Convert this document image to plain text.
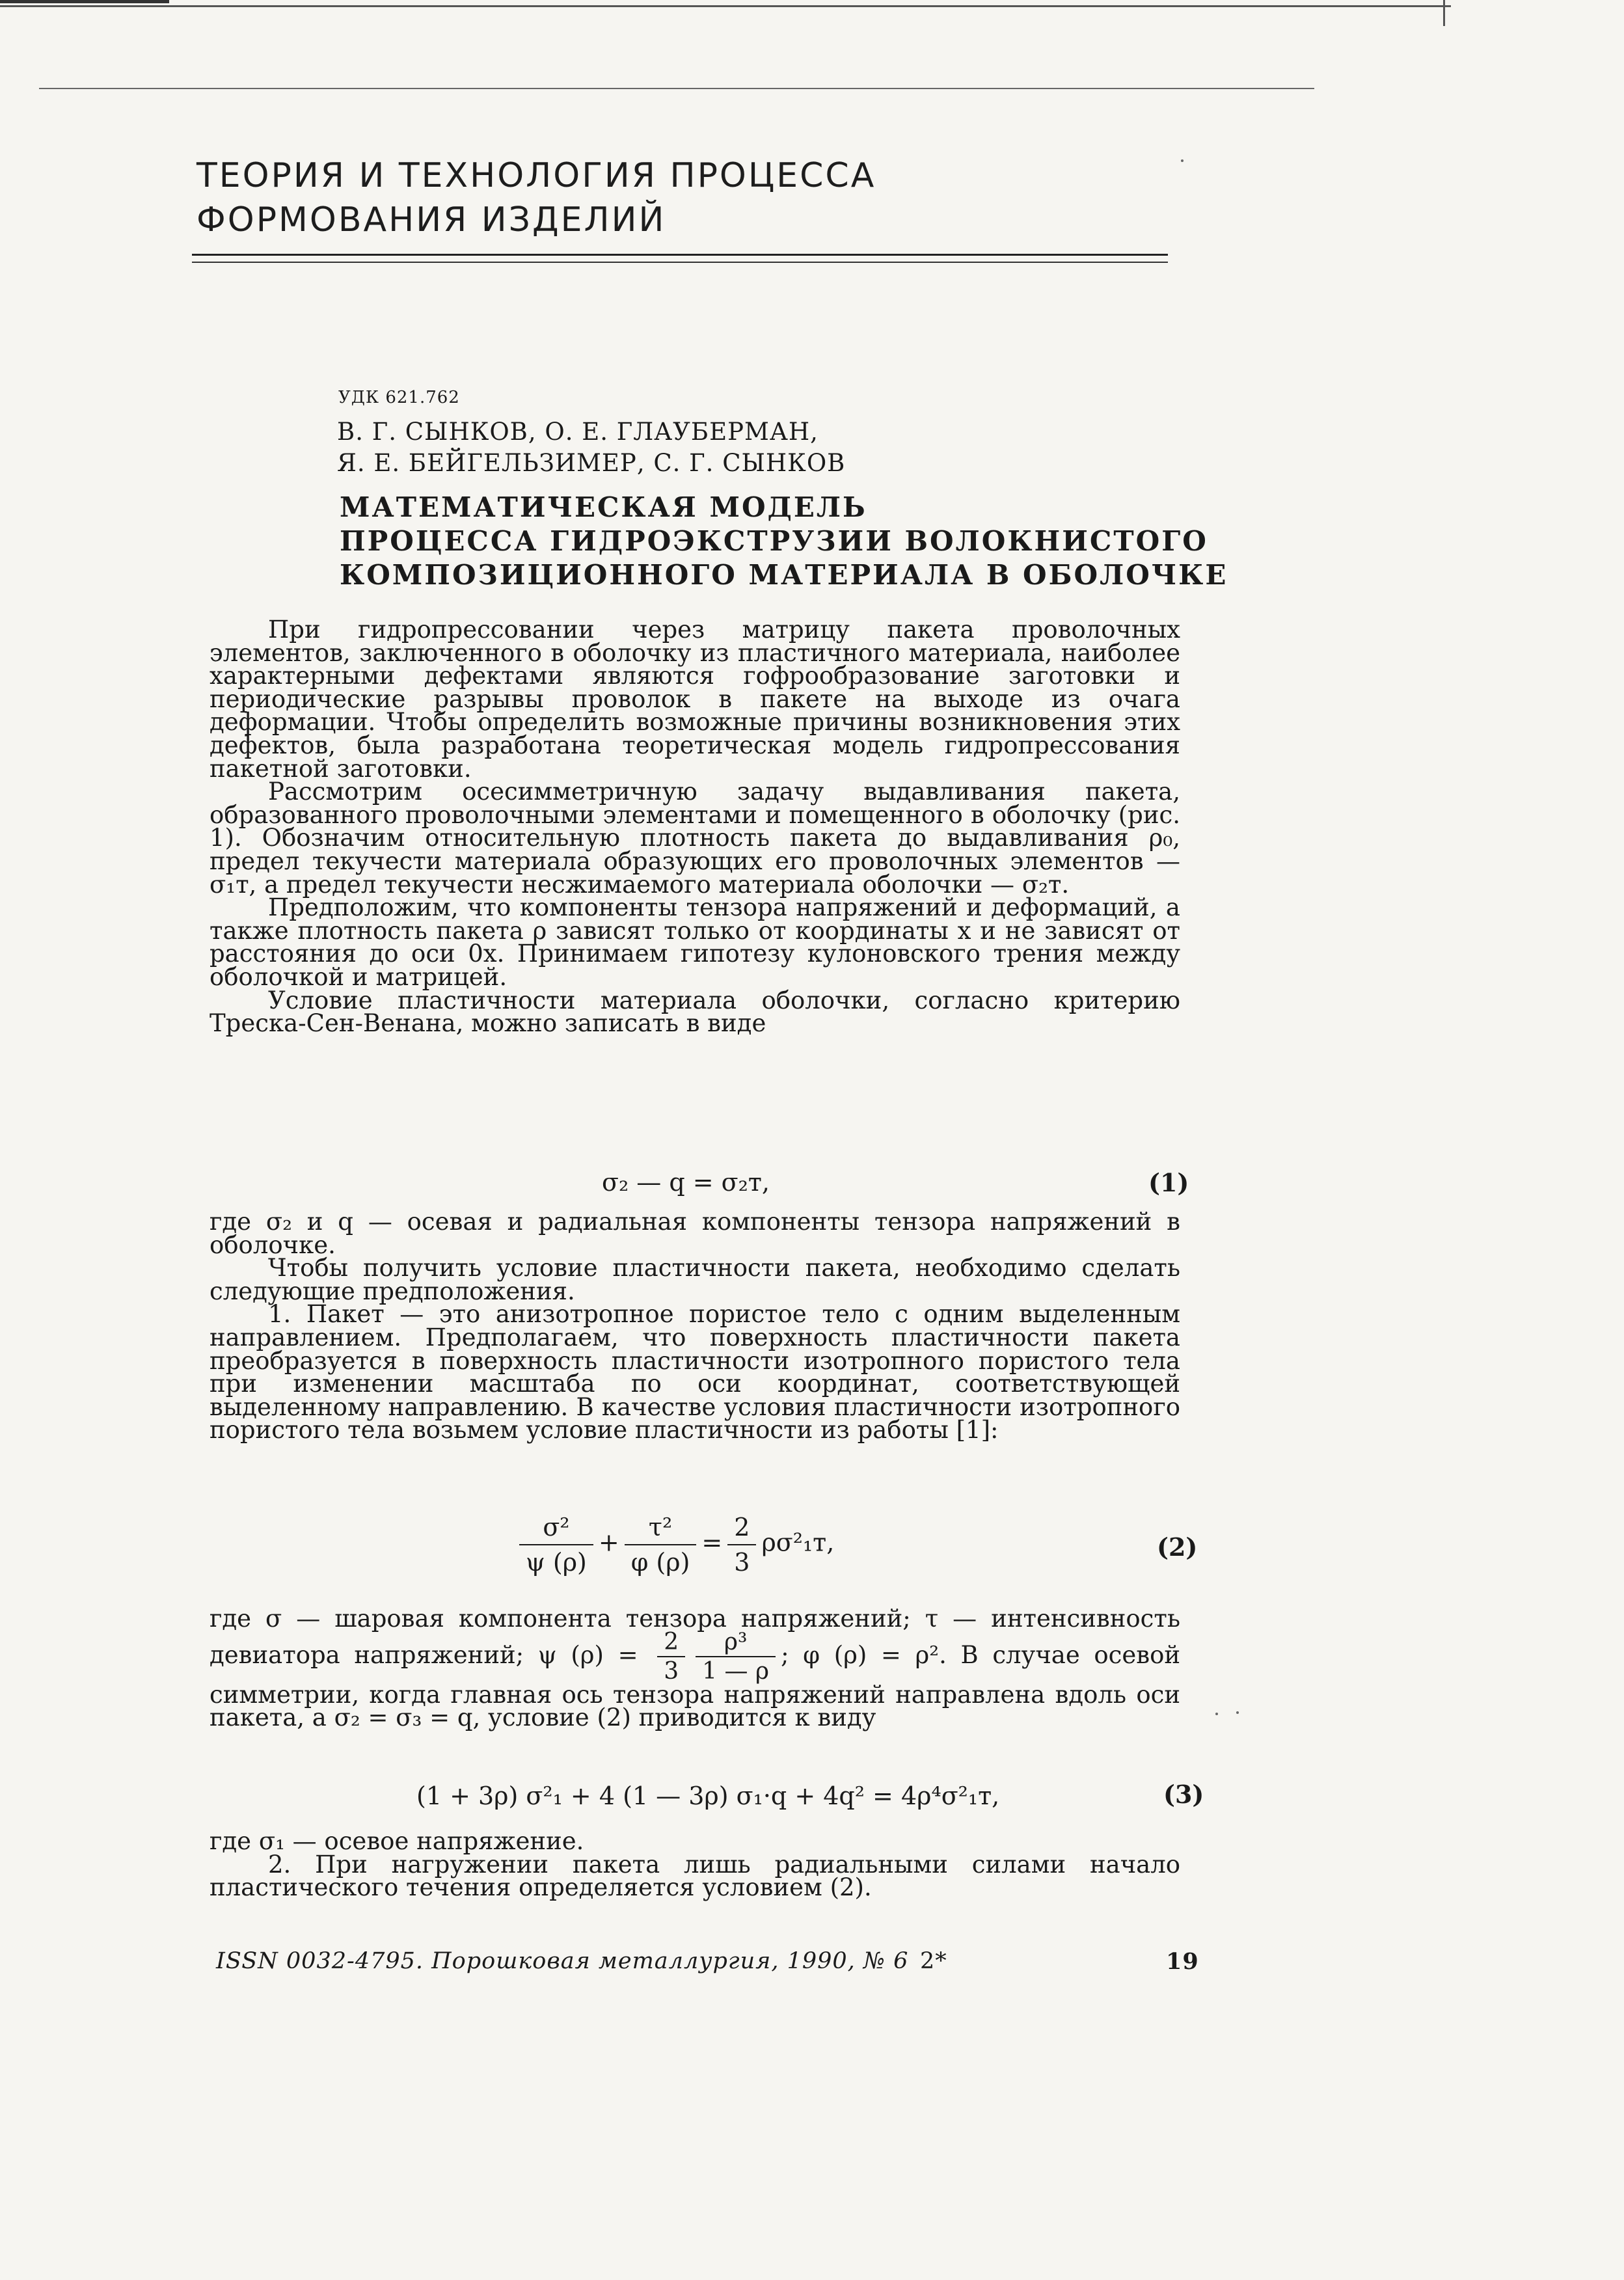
ТЕОРИЯ И ТЕХНОЛОГИЯ ПРОЦЕССА
ФОРМОВАНИЯ ИЗДЕЛИЙ
УДК 621.762
В. Г. СЫНКОВ, О. Е. ГЛАУБЕРМАН,
Я. Е. БЕЙГЕЛЬЗИМЕР, С. Г. СЫНКОВ
МАТЕМАТИЧЕСКАЯ МОДЕЛЬ
ПРОЦЕССА ГИДРОЭКСТРУЗИИ ВОЛОКНИСТОГО
КОМПОЗИЦИОННОГО МАТЕРИАЛА В ОБОЛОЧКЕ

При гидропрессовании через матрицу пакета проволочных элементов, заключенного в оболочку из пластичного материала, наиболее характерными дефектами являются гофрообразование заготовки и периодические разрывы проволок в пакете на выходе из очага деформации. Чтобы определить возможные причины возникновения этих дефектов, была разработана теоретическая модель гидропрессования пакетной заготовки.

Рассмотрим осесимметричную задачу выдавливания пакета, образованного проволочными элементами и помещенного в оболочку (рис. 1). Обозначим относительную плотность пакета до выдавливания ρ₀, предел текучести материала образующих его проволочных элементов — σ₁т, а предел текучести несжимаемого материала оболочки — σ₂т.

Предположим, что компоненты тензора напряжений и деформаций, а также плотность пакета ρ зависят только от координаты x и не зависят от расстояния до оси 0x. Принимаем гипотезу кулоновского трения между оболочкой и матрицей.

Условие пластичности материала оболочки, согласно критерию Треска-Сен-Венана, можно записать в виде

σ₂ — q = σ₂т,	(1)

где σ₂ и q — осевая и радиальная компоненты тензора напряжений в оболочке.

Чтобы получить условие пластичности пакета, необходимо сделать следующие предположения.

1. Пакет — это анизотропное пористое тело с одним выделенным направлением. Предполагаем, что поверхность пластичности пакета преобразуется в поверхность пластичности изотропного пористого тела при изменении масштаба по оси координат, соответствующей выделенному направлению. В качестве условия пластичности изотропного пористого тела возьмем условие пластичности из работы [1]:

$\frac{\text{σ²}}{\psi (\rho)} + \frac{\text{τ²}}{\varphi (\rho)} = \frac{2}{3} \rho\sigma^2_1т$,	(2)

где σ — шаровая компонента тензора напряжений; τ — интенсивность девиатора напряжений; ψ $(\rho) = \frac{2}{3} \frac{\text{ρ³}}{1 — \rho}$ ; φ (ρ) = ρ². В случае осевой симметрии, когда главная ось тензора напряжений направлена вдоль оси пакета, а σ₂ = σ₃ = q, условие (2) приводится к виду

(1 + 3ρ) σ²₁ + 4 (1 — 3ρ) σ₁·q + 4q² = 4ρ⁴σ²₁т,	(3)

где σ₁ — осевое напряжение.

2. При нагружении пакета лишь радиальными силами начало пластического течения определяется условием (2).

ISSN 0032-4795. Порошковая металлургия, 1990, № 6 2*	19
